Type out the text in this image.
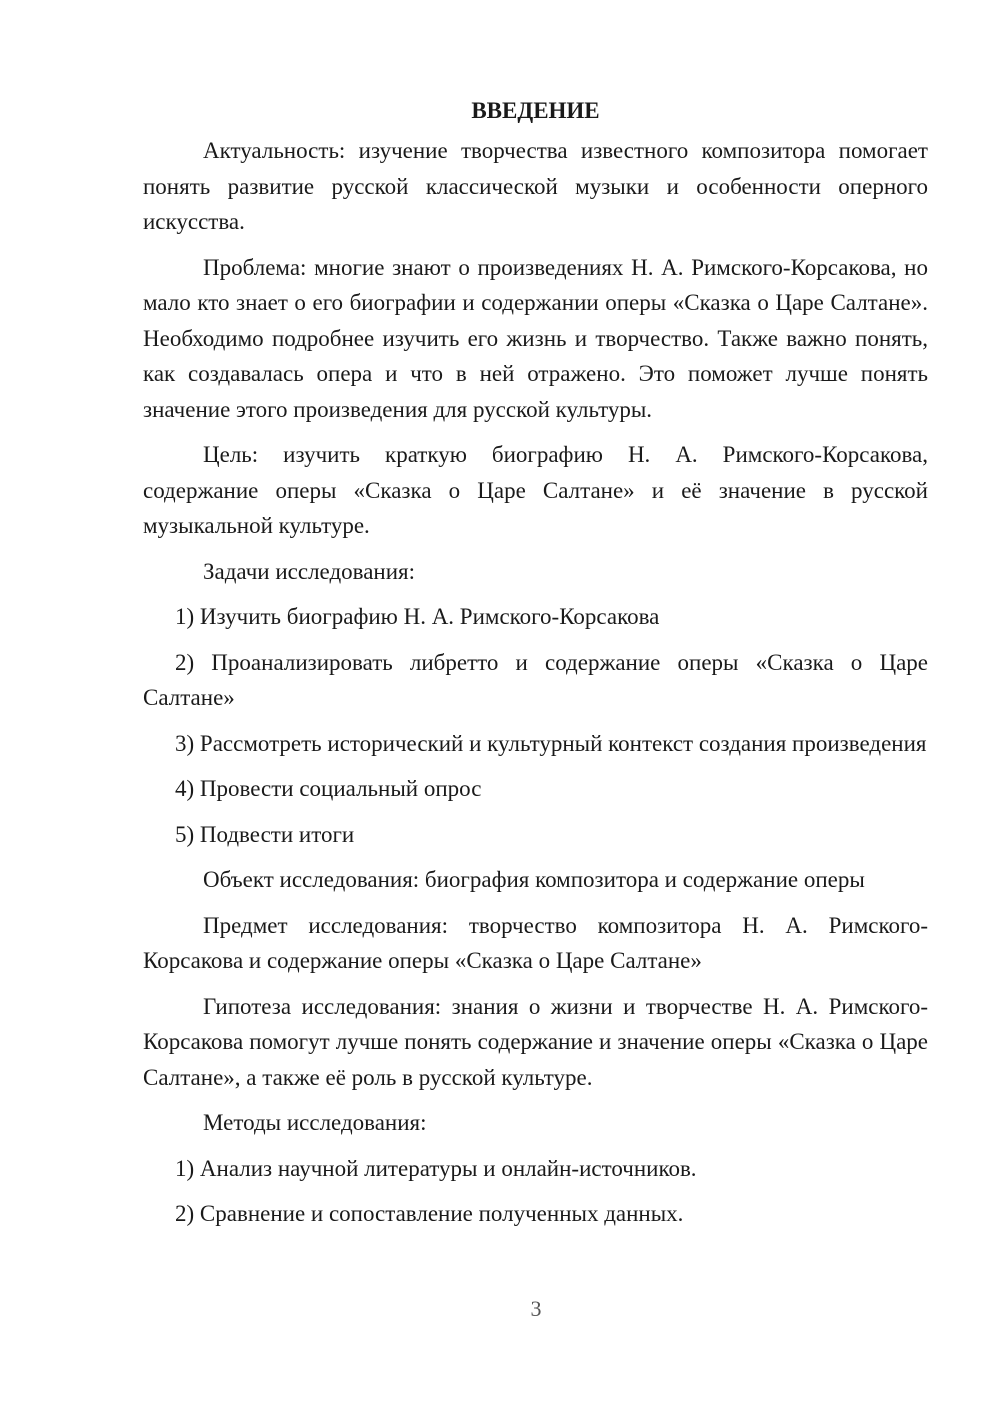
ВВЕДЕНИЕ

Актуальность: изучение творчества известного композитора помогает понять развитие русской классической музыки и особенности оперного искусства.

Проблема: многие знают о произведениях Н. А. Римского-Корсакова, но мало кто знает о его биографии и содержании оперы «Сказка о Царе Салтане». Необходимо подробнее изучить его жизнь и творчество. Также важно понять, как создавалась опера и что в ней отражено. Это поможет лучше понять значение этого произведения для русской культуры.

Цель: изучить краткую биографию Н. А. Римского-Корсакова, содержание оперы «Сказка о Царе Салтане» и её значение в русской музыкальной культуре.

Задачи исследования:

1) Изучить биографию Н. А. Римского-Корсакова

2) Проанализировать либретто и содержание оперы «Сказка о Царе Салтане»

3) Рассмотреть исторический и культурный контекст создания произведения

4) Провести социальный опрос

5) Подвести итоги

Объект исследования: биография композитора и содержание оперы

Предмет исследования: творчество композитора Н. А. Римского-Корсакова и содержание оперы «Сказка о Царе Салтане»

Гипотеза исследования: знания о жизни и творчестве Н. А. Римского-Корсакова помогут лучше понять содержание и значение оперы «Сказка о Царе Салтане», а также её роль в русской культуре.

Методы исследования:

1) Анализ научной литературы и онлайн-источников.

2) Сравнение и сопоставление полученных данных.

3
